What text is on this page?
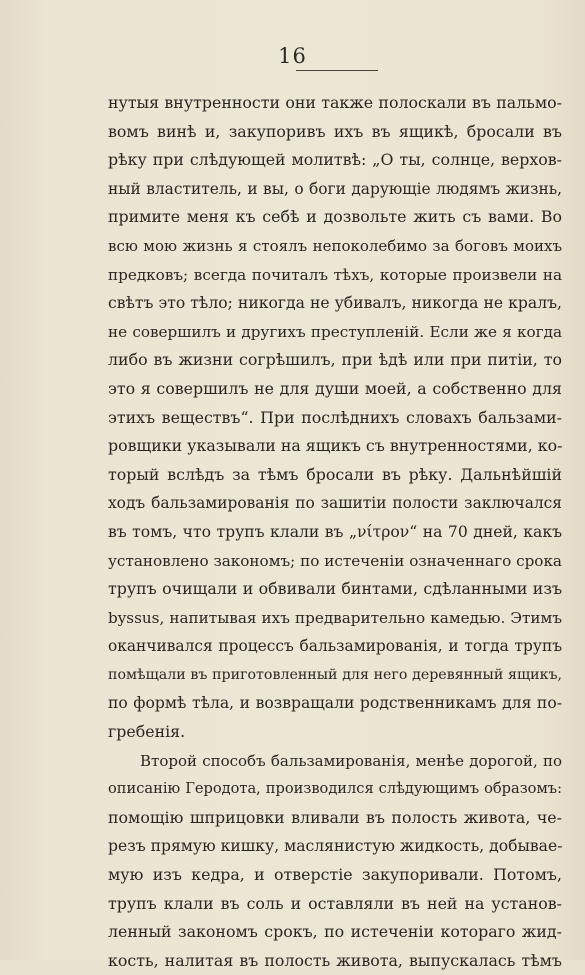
16
нутыя внутренности они также полоскали въ пальмо-
вомъ винѣ и, закупоривъ ихъ въ ящикѣ, бросали въ
рѣку при слѣдующей молитвѣ: „О ты, солнце, верхов-
ный властитель, и вы, о боги дарующіе людямъ жизнь,
примите меня къ себѣ и дозвольте жить съ вами. Во
всю мою жизнь я стоялъ непоколебимо за боговъ моихъ
предковъ; всегда почиталъ тѣхъ, которые произвели на
свѣтъ это тѣло; никогда не убивалъ, никогда не кралъ,
не совершилъ и другихъ преступленій. Если же я когда
либо въ жизни согрѣшилъ, при ѣдѣ или при питіи, то
это я совершилъ не для души моей, а собственно для
этихъ веществъ“. При послѣднихъ словахъ бальзами-
ровщики указывали на ящикъ съ внутренностями, ко-
торый вслѣдъ за тѣмъ бросали въ рѣку. Дальнѣйшій
ходъ бальзамированія по зашитіи полости заключался
въ томъ, что трупъ клали въ „νίτρον“ на 70 дней, какъ
установлено закономъ; по истеченіи означеннаго срока
трупъ очищали и обвивали бинтами, сдѣланными изъ
byssus, напитывая ихъ предварительно камедью. Этимъ
оканчивался процессъ бальзамированія, и тогда трупъ
помѣщали въ приготовленный для него деревянный ящикъ,
по формѣ тѣла, и возвращали родственникамъ для по-
гребенія.
Второй способъ бальзамированія, менѣе дорогой, по
описанію Геродота, производился слѣдующимъ образомъ:
помощію шприцовки вливали въ полость живота, че-
резъ прямую кишку, маслянистую жидкость, добывае-
мую изъ кедра, и отверстіе закупоривали. Потомъ,
трупъ клали въ соль и оставляли въ ней на установ-
ленный закономъ срокъ, по истеченіи котораго жид-
кость, налитая въ полость живота, выпускалась тѣмъ
